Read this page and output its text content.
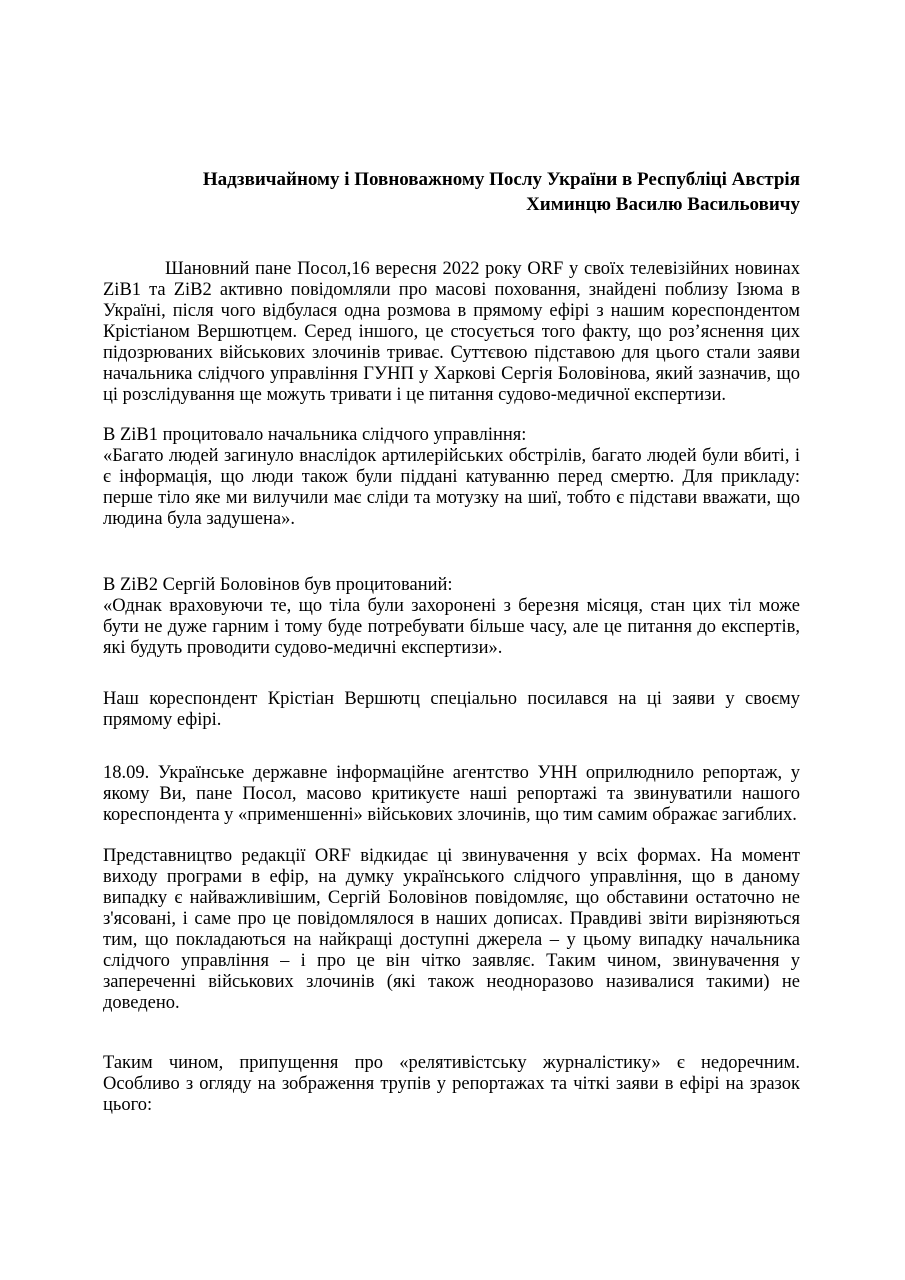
Надзвичайному і Повноважному Послу України в Республіці Австрія
Химинцю Василю Васильовичу

Шановний пане Посол,16 вересня 2022 року ORF у своїх телевізійних новинах ZiB1 та ZiB2 активно повідомляли про масові поховання, знайдені поблизу Ізюма в Україні, після чого відбулася одна розмова в прямому ефірі з нашим кореспондентом Крістіаном Вершютцем. Серед іншого, це стосується того факту, що роз’яснення цих підозрюваних військових злочинів триває. Суттєвою підставою для цього стали заяви начальника слідчого управління ГУНП у Харкові Сергія Боловінова, який зазначив, що ці розслідування ще можуть тривати і це питання судово-медичної експертизи.

В ZiB1 процитовало начальника слідчого управління:

«Багато людей загинуло внаслідок артилерійських обстрілів, багато людей були вбиті, і є інформація, що люди також були піддані катуванню перед смертю. Для прикладу: перше тіло яке ми вилучили має сліди та мотузку на шиї, тобто є підстави вважати, що людина була задушена».

В ZiB2 Сергій Боловінов був процитований:

«Однак враховуючи те, що тіла були захоронені з березня місяця, стан цих тіл може бути не дуже гарним і тому буде потребувати більше часу, але це питання до експертів, які будуть проводити судово-медичні експертизи».

Наш кореспондент Крістіан Вершютц спеціально посилався на ці заяви у своєму прямому ефірі.

18.09. Українське державне інформаційне агентство УНН оприлюднило репортаж, у якому Ви, пане Посол, масово критикуєте наші репортажі та звинуватили нашого кореспондента у «применшенні» військових злочинів, що тим самим ображає загиблих.

Представництво редакції ORF відкидає ці звинувачення у всіх формах. На момент виходу програми в ефір, на думку українського слідчого управління, що в даному випадку є найважливішим, Сергій Боловінов повідомляє, що обставини остаточно не з'ясовані, і саме про це повідомлялося в наших дописах. Правдиві звіти вирізняються тим, що покладаються на найкращі доступні джерела – у цьому випадку начальника слідчого управління – і про це він чітко заявляє. Таким чином, звинувачення у запереченні військових злочинів (які також неодноразово називалися такими) не доведено.

Таким чином, припущення про «релятивістську журналістику» є недоречним. Особливо з огляду на зображення трупів у репортажах та чіткі заяви в ефірі на зразок цього:
